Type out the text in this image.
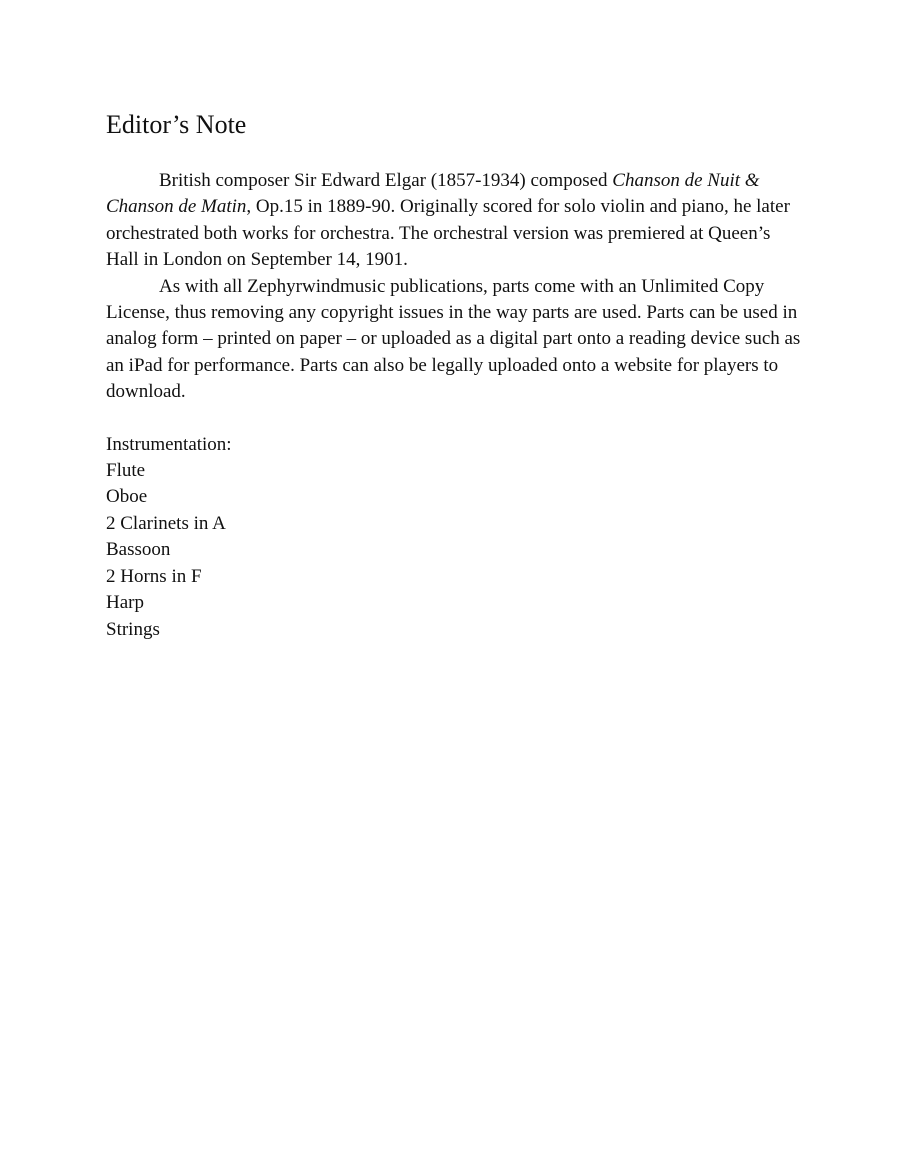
Editor’s Note

British composer Sir Edward Elgar (1857-1934) composed Chanson de Nuit & Chanson de Matin, Op.15 in 1889-90. Originally scored for solo violin and piano, he later orchestrated both works for orchestra. The orchestral version was premiered at Queen’s Hall in London on September 14, 1901.

As with all Zephyrwindmusic publications, parts come with an Unlimited Copy License, thus removing any copyright issues in the way parts are used. Parts can be used in analog form – printed on paper – or uploaded as a digital part onto a reading device such as an iPad for performance. Parts can also be legally uploaded onto a website for players to download.

Instrumentation:
Flute
Oboe
2 Clarinets in A
Bassoon
2 Horns in F
Harp
Strings
